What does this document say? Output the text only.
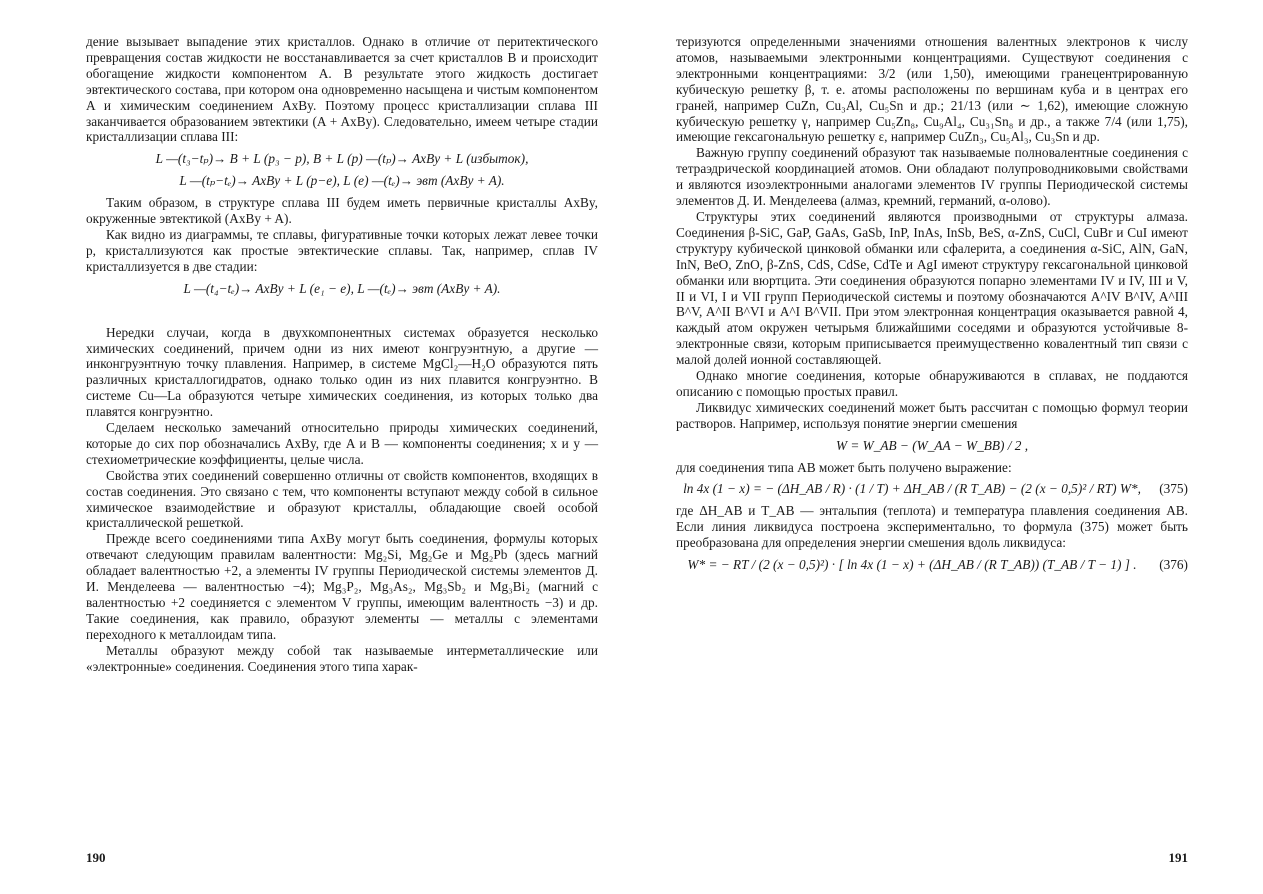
дение вызывает выпадение этих кристаллов. Однако в отличие от перитектического превращения состав жидкости не восстанавливается за счет кристаллов B и происходит обогащение жидкости компонентом A. В результате этого жидкость достигает эвтектического состава, при котором она одновременно насыщена и чистым компонентом A и химическим соединением AxBy. Поэтому процесс кристаллизации сплава III заканчивается образованием эвтектики (A + AxBy). Следовательно, имеем четыре стадии кристаллизации сплава III:

L —(t₃−tₚ)→ B + L (p₃ − p), B + L (p) —(tₚ)→ AxBy + L (избыток),
L —(tₚ−tₑ)→ AxBy + L (p−e), L (e) —(tₑ)→ эвт (AxBy + A).

Таким образом, в структуре сплава III будем иметь первичные кристаллы AxBy, окруженные эвтектикой (AxBy + A).

Как видно из диаграммы, те сплавы, фигуративные точки которых лежат левее точки p, кристаллизуются как простые эвтектические сплавы. Так, например, сплав IV кристаллизуется в две стадии:

L —(t₄−tₑ)→ AxBy + L (e₁ − e), L —(tₑ)→ эвт (AxBy + A).

Нередки случаи, когда в двухкомпонентных системах образуется несколько химических соединений, причем одни из них имеют конгруэнтную, а другие — инконгруэнтную точку плавления. Например, в системе MgCl₂—H₂O образуются пять различных кристаллогидратов, однако только один из них плавится конгруэнтно. В системе Cu—La образуются четыре химических соединения, из которых только два плавятся конгруэнтно.

Сделаем несколько замечаний относительно природы химических соединений, которые до сих пор обозначались AxBy, где A и B — компоненты соединения; x и y — стехиометрические коэффициенты, целые числа.

Свойства этих соединений совершенно отличны от свойств компонентов, входящих в состав соединения. Это связано с тем, что компоненты вступают между собой в сильное химическое взаимодействие и образуют кристаллы, обладающие своей особой кристаллической решеткой.

Прежде всего соединениями типа AxBy могут быть соединения, формулы которых отвечают следующим правилам валентности: Mg₂Si, Mg₂Ge и Mg₂Pb (здесь магний обладает валентностью +2, а элементы IV группы Периодической системы элементов Д. И. Менделеева — валентностью −4); Mg₃P₂, Mg₃As₂, Mg₃Sb₂ и Mg₃Bi₂ (магний с валентностью +2 соединяется с элементом V группы, имеющим валентность −3) и др. Такие соединения, как правило, образуют элементы — металлы с элементами переходного к металлоидам типа.

Металлы образуют между собой так называемые интерметаллические или «электронные» соединения. Соединения этого типа харак-

190

теризуются определенными значениями отношения валентных электронов к числу атомов, называемыми электронными концентрациями. Существуют соединения с электронными концентрациями: 3/2 (или 1,50), имеющими гранецентрированную кубическую решетку β, т. е. атомы расположены по вершинам куба и в центрах его граней, например CuZn, Cu₃Al, Cu₅Sn и др.; 21/13 (или ∼ 1,62), имеющие сложную кубическую решетку γ, например Cu₅Zn₈, Cu₉Al₄, Cu₃₁Sn₈ и др., а также 7/4 (или 1,75), имеющие гексагональную решетку ε, например CuZn₃, Cu₅Al₃, Cu₃Sn и др.

Важную группу соединений образуют так называемые полновалентные соединения с тетраэдрической координацией атомов. Они обладают полупроводниковыми свойствами и являются изоэлектронными аналогами элементов IV группы Периодической системы элементов Д. И. Менделеева (алмаз, кремний, германий, α-олово).

Структуры этих соединений являются производными от структуры алмаза. Соединения β-SiC, GaP, GaAs, GaSb, InP, InAs, InSb, BeS, α-ZnS, CuCl, CuBr и CuI имеют структуру кубической цинковой обманки или сфалерита, а соединения α-SiC, AlN, GaN, InN, BeO, ZnO, β-ZnS, CdS, CdSe, CdTe и AgI имеют структуру гексагональной цинковой обманки или вюртцита. Эти соединения образуются попарно элементами IV и IV, III и V, II и VI, I и VII групп Периодической системы и поэтому обозначаются A^IV B^IV, A^III B^V, A^II B^VI и A^I B^VII. При этом электронная концентрация оказывается равной 4, каждый атом окружен четырьмя ближайшими соседями и образуются устойчивые 8-электронные связи, которым приписывается преимущественно ковалентный тип связи с малой долей ионной составляющей.

Однако многие соединения, которые обнаруживаются в сплавах, не поддаются описанию с помощью простых правил.

Ликвидус химических соединений может быть рассчитан с помощью формул теории растворов. Например, используя понятие энергии смешения

W = W_AB − (W_AA − W_BB) / 2 ,

для соединения типа AB может быть получено выражение:

ln 4x (1 − x) = − (ΔH_AB / R) · (1 / T) + ΔH_AB / (R T_AB) − (2 (x − 0,5)² / RT) W*, (375)

где ΔH_AB и T_AB — энтальпия (теплота) и температура плавления соединения AB. Если линия ликвидуса построена экспериментально, то формула (375) может быть преобразована для определения энергии смешения вдоль ликвидуса:

W* = − RT / (2 (x − 0,5)²) · [ ln 4x (1 − x) + (ΔH_AB / (R T_AB)) (T_AB / T − 1) ] . (376)
191
